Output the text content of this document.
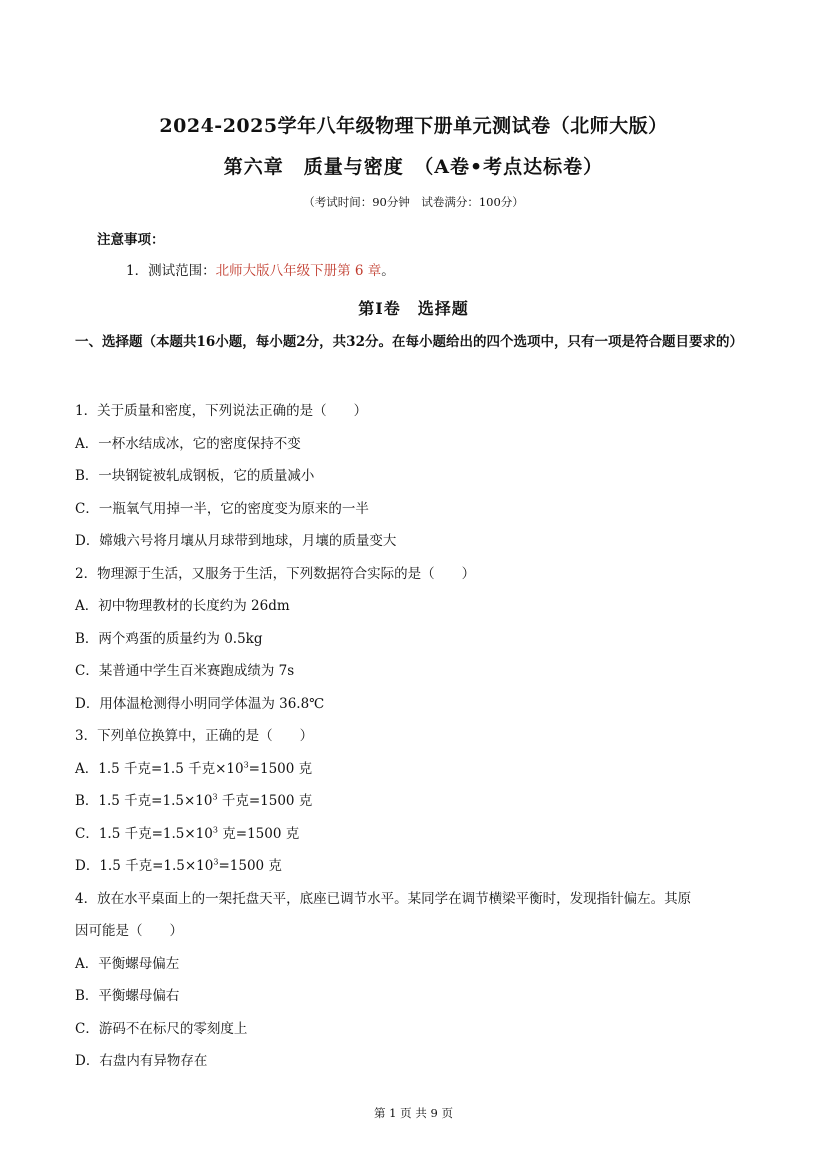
2024-2025学年八年级物理下册单元测试卷（北师大版）
第六章　质量与密度　（A卷•考点达标卷）
（考试时间：90分钟　试卷满分：100分）
注意事项：
1．测试范围：北师大版八年级下册第 6 章。
第Ⅰ卷　选择题
一、选择题（本题共16小题，每小题2分，共32分。在每小题给出的四个选项中，只有一项是符合题目要求的）
1．关于质量和密度，下列说法正确的是（　　）
A．一杯水结成冰，它的密度保持不变
B．一块钢锭被轧成钢板，它的质量减小
C．一瓶氧气用掉一半，它的密度变为原来的一半
D．嫦娥六号将月壤从月球带到地球，月壤的质量变大
2．物理源于生活，又服务于生活，下列数据符合实际的是（　　）
A．初中物理教材的长度约为 26dm
B．两个鸡蛋的质量约为 0.5kg
C．某普通中学生百米赛跑成绩为 7s
D．用体温枪测得小明同学体温为 36.8℃
3．下列单位换算中，正确的是（　　）
A．1.5 千克=1.5 千克$\times 10^3=1500$ 克
B．1.5 千克$=1.5\times 10^3$ 千克=1500 克
C．1.5 千克$=1.5\times 10^3$ 克=1500 克
D．1.5 千克$=1.5\times 10^3=1500$ 克
4．放在水平桌面上的一架托盘天平，底座已调节水平。某同学在调节横梁平衡时，发现指针偏左。其原
因可能是（　　）
A．平衡螺母偏左
B．平衡螺母偏右
C．游码不在标尺的零刻度上
D．右盘内有异物存在
第 1 页 共 9 页
